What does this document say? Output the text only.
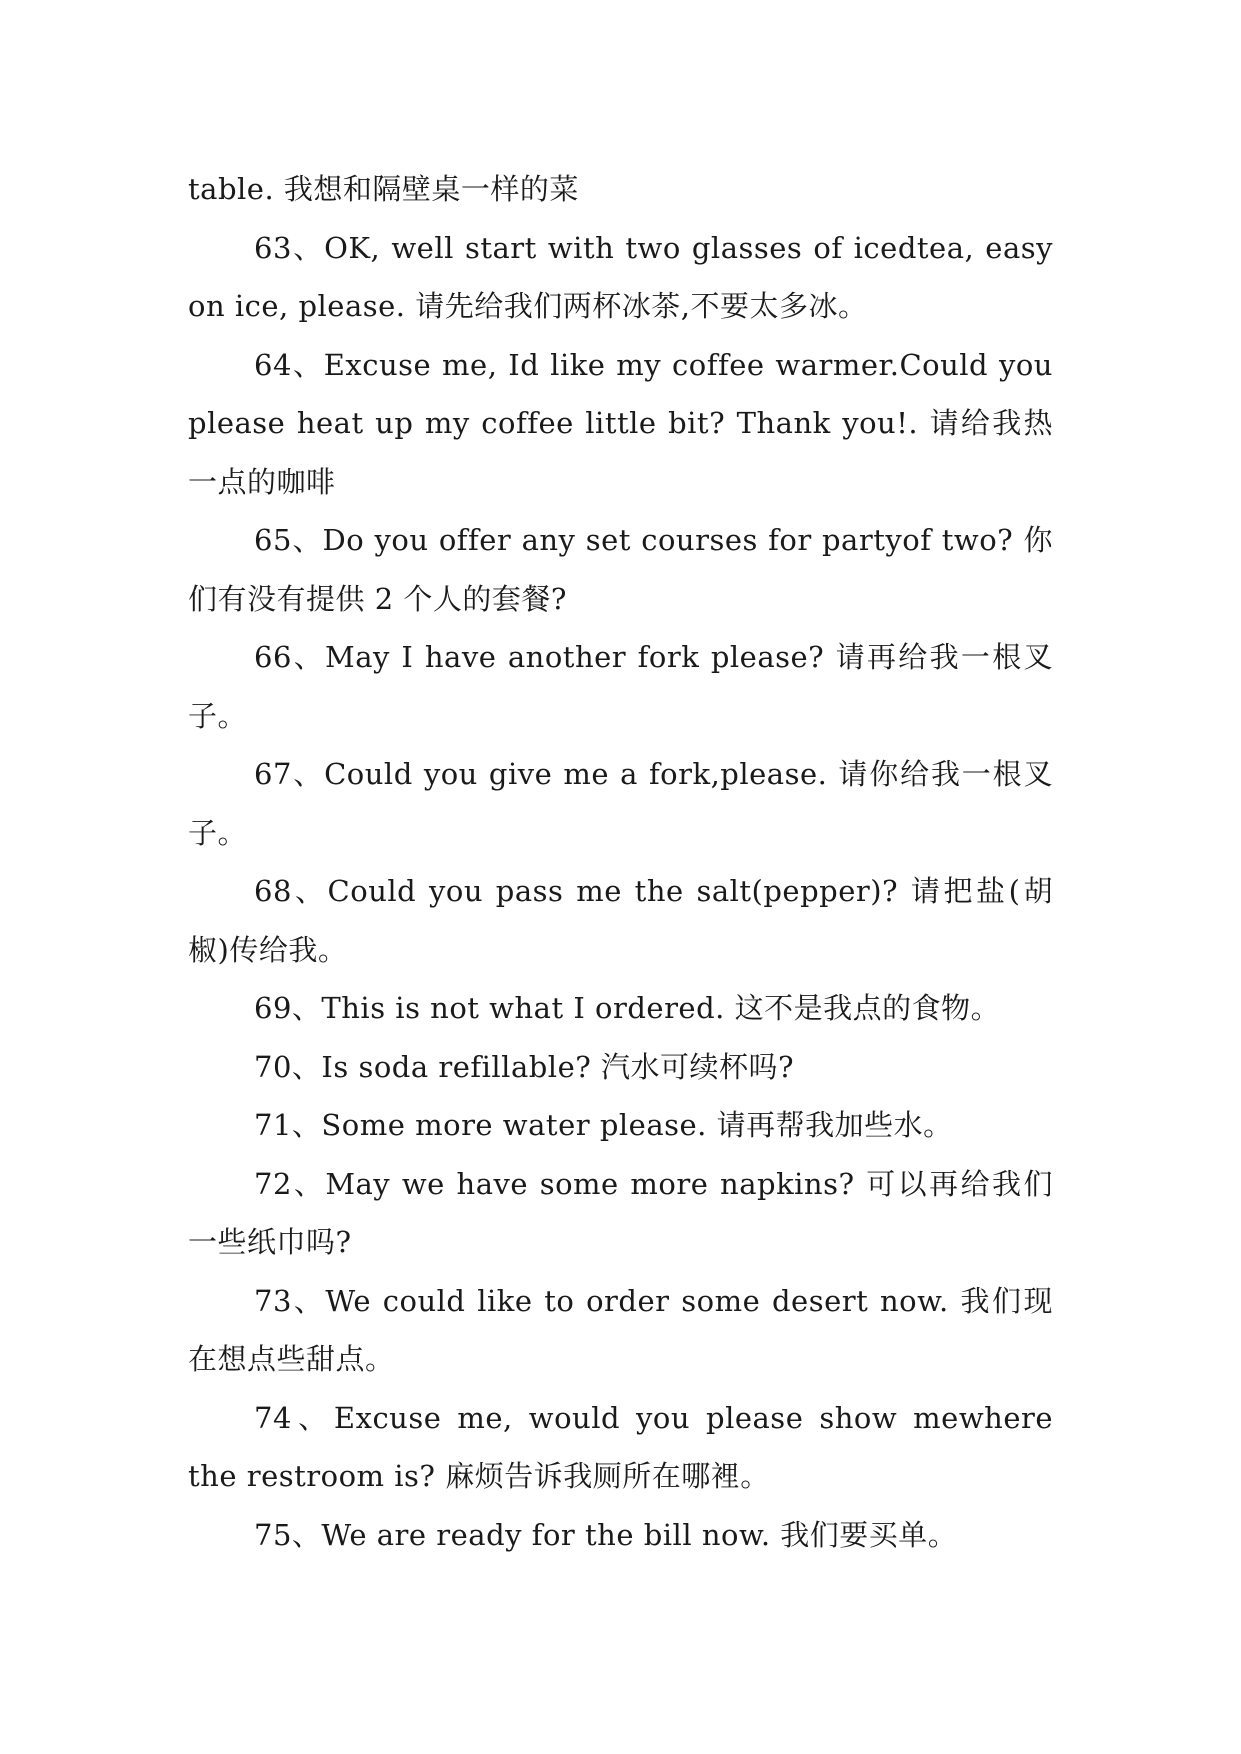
table. 我想和隔壁桌一样的菜

63、OK, well start with two glasses of icedtea, easy on ice, please. 请先给我们两杯冰茶,不要太多冰。

64、Excuse me, Id like my coffee warmer.Could you please heat up my coffee little bit? Thank you!. 请给我热一点的咖啡

65、Do you offer any set courses for partyof two? 你们有没有提供 2 个人的套餐?

66、May I have another fork please? 请再给我一根叉子。

67、Could you give me a fork,please. 请你给我一根叉子。

68、Could you pass me the salt(pepper)? 请把盐(胡椒)传给我。

69、This is not what I ordered. 这不是我点的食物。

70、Is soda refillable? 汽水可续杯吗?

71、Some more water please. 请再帮我加些水。

72、May we have some more napkins? 可以再给我们一些纸巾吗?

73、We could like to order some desert now. 我们现在想点些甜点。

74、Excuse me, would you please show mewhere the restroom is? 麻烦告诉我厕所在哪裡。

75、We are ready for the bill now. 我们要买单。
